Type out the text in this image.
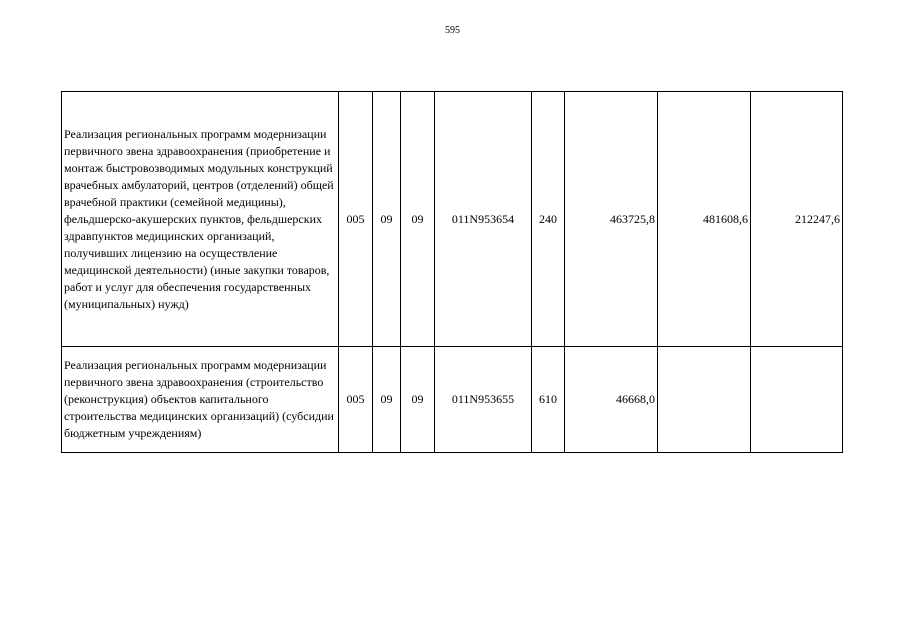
595
Реализация региональных программ модернизации первичного звена здравоохранения (приобретение и монтаж быстровозводимых модульных конструкций врачебных амбулаторий, центров (отделений) общей врачебной практики (семейной медицины), фельдшерско-акушерских пунктов, фельдшерских здравпунктов медицинских организаций, получивших лицензию на осуществление медицинской деятельности) (иные закупки товаров, работ и услуг для обеспечения государственных (муниципальных) нужд)	005	09	09	011N953654	240	463725,8	481608,6	212247,6
Реализация региональных программ модернизации первичного звена здравоохранения (строительство (реконструкция) объектов капитального строительства медицинских организаций) (субсидии бюджетным учреждениям)	005	09	09	011N953655	610	46668,0		
